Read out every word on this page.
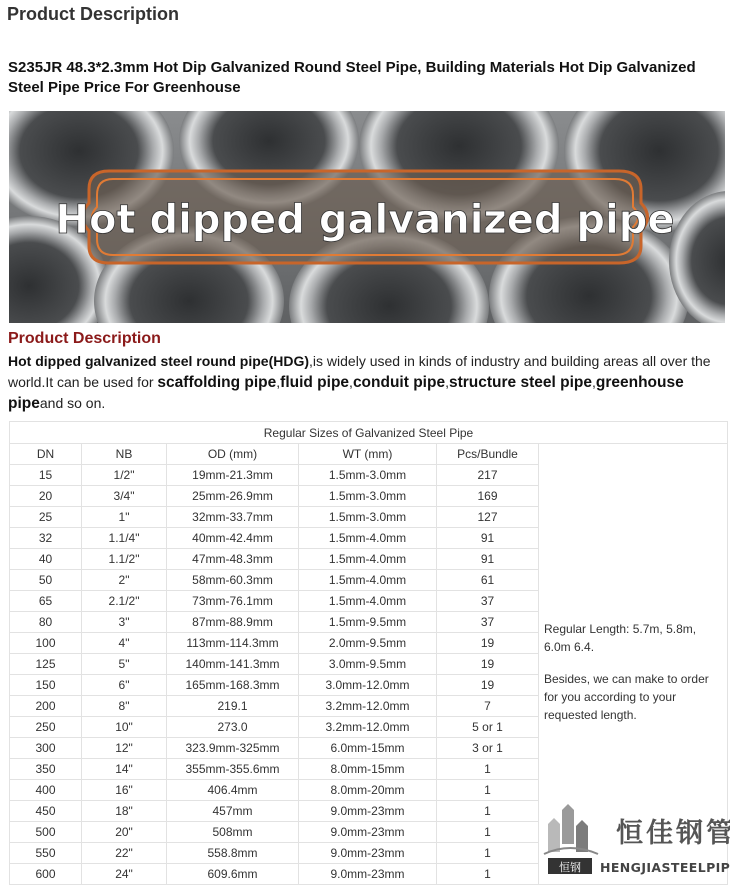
Product Description
S235JR 48.3*2.3mm Hot Dip Galvanized Round Steel Pipe, Building Materials Hot Dip Galvanized Steel Pipe Price For Greenhouse
Hot dipped galvanized pipe
Product Description
Hot dipped galvanized steel round pipe(HDG),is widely used in kinds of industry and building areas all over the world.It can be used for scaffolding pipe,fluid pipe,conduit pipe,structure steel pipe,greenhouse pipeand so on.
Regular Sizes of Galvanized Steel Pipe					
DN	NB	OD (mm)	WT (mm)	Pcs/Bundle	Regular Length: 5.7m, 5.8m, 6.0m 6.4.

Besides, we can make to order for you according to your requested length.

15	1/2"	19mm-21.3mm	1.5mm-3.0mm	217	
20	3/4"	25mm-26.9mm	1.5mm-3.0mm	169	
25	1"	32mm-33.7mm	1.5mm-3.0mm	127	
32	1.1/4"	40mm-42.4mm	1.5mm-4.0mm	91	
40	1.1/2"	47mm-48.3mm	1.5mm-4.0mm	91	
50	2"	58mm-60.3mm	1.5mm-4.0mm	61	
65	2.1/2"	73mm-76.1mm	1.5mm-4.0mm	37	
80	3"	87mm-88.9mm	1.5mm-9.5mm	37	
100	4"	113mm-114.3mm	2.0mm-9.5mm	19	
125	5"	140mm-141.3mm	3.0mm-9.5mm	19	
150	6"	165mm-168.3mm	3.0mm-12.0mm	19	
200	8"	219.1	3.2mm-12.0mm	7	
250	10"	273.0	3.2mm-12.0mm	5 or 1	
300	12"	323.9mm-325mm	6.0mm-15mm	3 or 1	
350	14"	355mm-355.6mm	8.0mm-15mm	1	
400	16"	406.4mm	8.0mm-20mm	1	
450	18"	457mm	9.0mm-23mm	1	
500	20"	508mm	9.0mm-23mm	1	
550	22"	558.8mm	9.0mm-23mm	1	
600	24"	609.6mm	9.0mm-23mm	1		恒钢
恒佳钢管
HENGJIASTEELPIPE
